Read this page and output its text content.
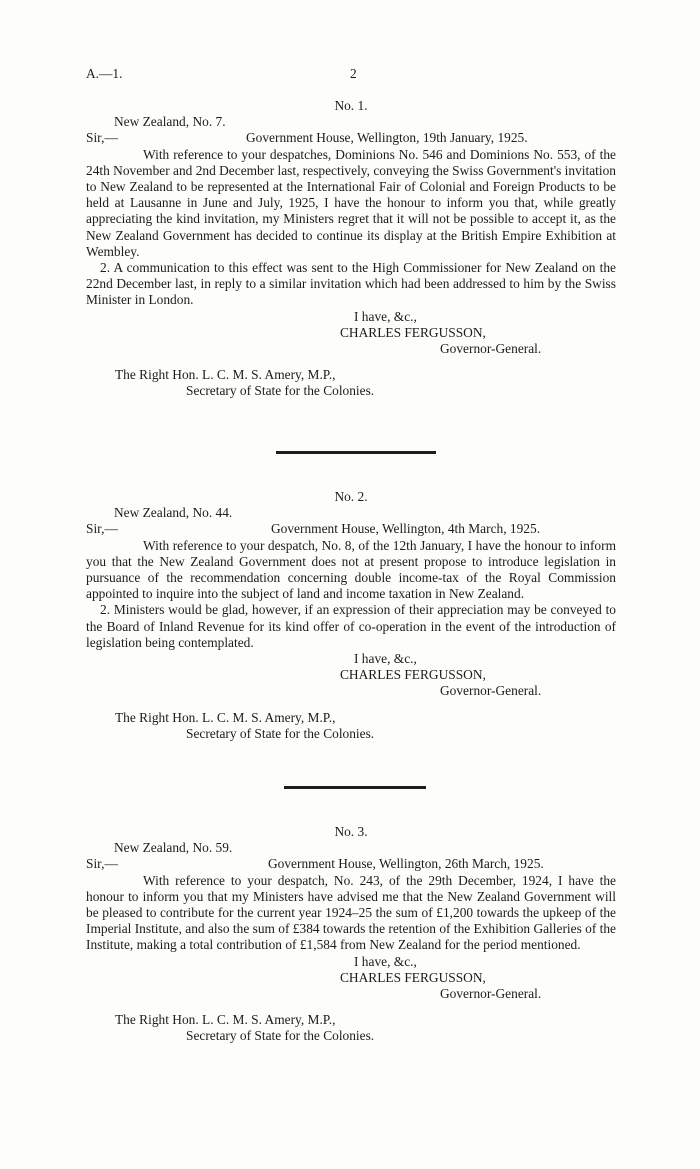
A.—1.	2

No. 1.

New Zealand, No. 7.

Sir,—	Government House, Wellington, 19th January, 1925.

With reference to your despatches, Dominions No. 546 and Dominions No. 553, of the 24th November and 2nd December last, respectively, conveying the Swiss Government's invitation to New Zealand to be represented at the International Fair of Colonial and Foreign Products to be held at Lausanne in June and July, 1925, I have the honour to inform you that, while greatly appreciating the kind invitation, my Ministers regret that it will not be possible to accept it, as the New Zealand Government has decided to continue its display at the British Empire Exhibition at Wembley.

2. A communication to this effect was sent to the High Commissioner for New Zealand on the 22nd December last, in reply to a similar invitation which had been addressed to him by the Swiss Minister in London.

I have, &c.,

CHARLES FERGUSSON,

Governor-General.

The Right Hon. L. C. M. S. Amery, M.P.,

Secretary of State for the Colonies.

No. 2.

New Zealand, No. 44.

Sir,—	Government House, Wellington, 4th March, 1925.

With reference to your despatch, No. 8, of the 12th January, I have the honour to inform you that the New Zealand Government does not at present propose to introduce legislation in pursuance of the recommendation concerning double income-tax of the Royal Commission appointed to inquire into the subject of land and income taxation in New Zealand.

2. Ministers would be glad, however, if an expression of their appreciation may be conveyed to the Board of Inland Revenue for its kind offer of co-operation in the event of the introduction of legislation being contemplated.

I have, &c.,

CHARLES FERGUSSON,

Governor-General.

The Right Hon. L. C. M. S. Amery, M.P.,

Secretary of State for the Colonies.

No. 3.

New Zealand, No. 59.

Sir,—	Government House, Wellington, 26th March, 1925.

With reference to your despatch, No. 243, of the 29th December, 1924, I have the honour to inform you that my Ministers have advised me that the New Zealand Government will be pleased to contribute for the current year 1924–25 the sum of £1,200 towards the upkeep of the Imperial Institute, and also the sum of £384 towards the retention of the Exhibition Galleries of the Institute, making a total contribution of £1,584 from New Zealand for the period mentioned.

I have, &c.,

CHARLES FERGUSSON,

Governor-General.

The Right Hon. L. C. M. S. Amery, M.P.,

Secretary of State for the Colonies.
